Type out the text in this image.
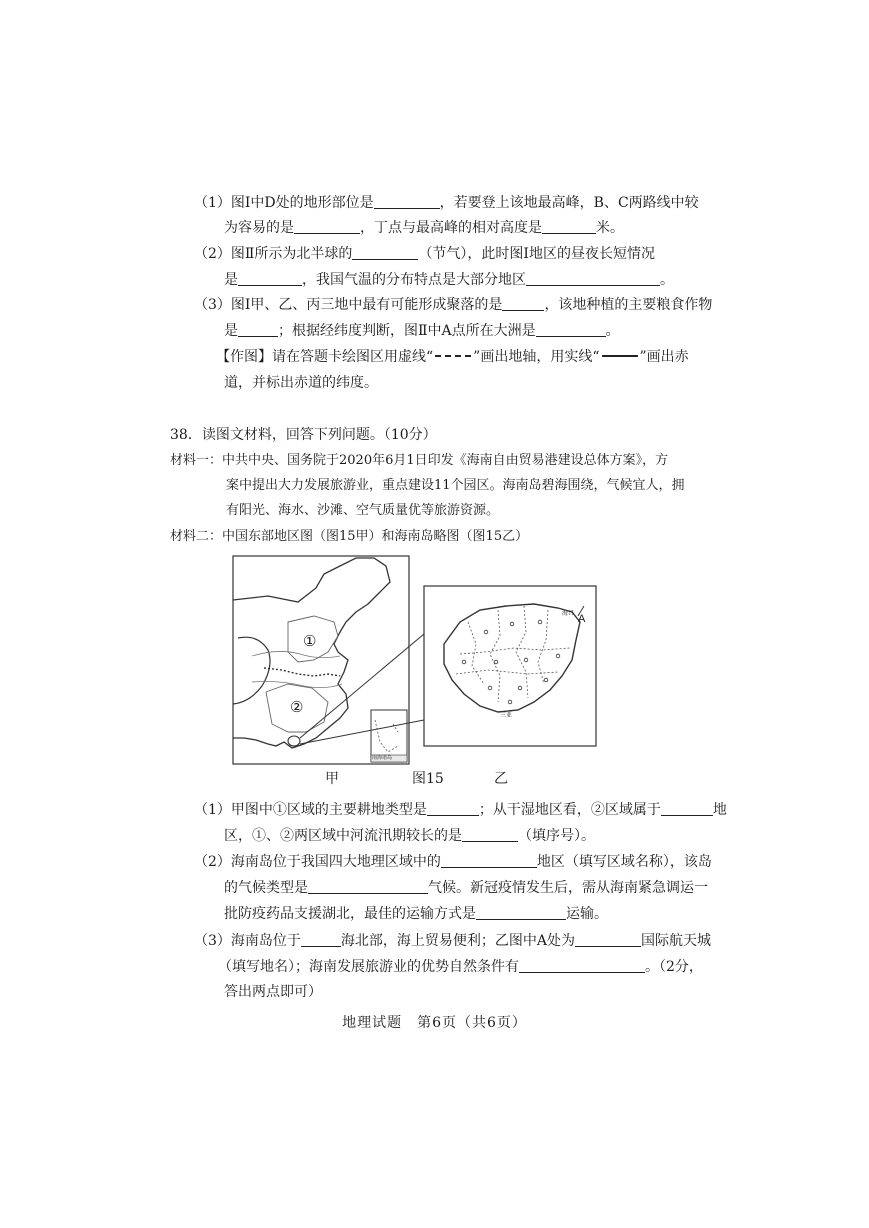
（1）图Ⅰ中D处的地形部位是	，若要登上该地最高峰，B、C两路线中较
为容易的是	，丁点与最高峰的相对高度是	米。
（2）图Ⅱ所示为北半球的	（节气），此时图Ⅰ地区的昼夜长短情况
是	，我国气温的分布特点是大部分地区	。
（3）图Ⅰ甲、乙、丙三地中最有可能形成聚落的是	，该地种植的主要粮食作物
是	；根据经纬度判断，图Ⅱ中A点所在大洲是	。
【作图】请在答题卡绘图区用虚线“	”画出地轴，用实线“	”画出赤
道，并标出赤道的纬度。
38．读图文材料，回答下列问题。（10分）
材料一：中共中央、国务院于2020年6月1日印发《海南自由贸易港建设总体方案》，方
案中提出大力发展旅游业，重点建设11个园区。海南岛碧海围绕，气候宜人，拥
有阳光、海水、沙滩、空气质量优等旅游资源。
材料二：中国东部地区图（图15甲）和海南岛略图（图15乙）
①
②
南海诸岛
A
海口
三亚
甲	图15	乙
（1）甲图中①区域的主要耕地类型是	；从干湿地区看，②区域属于	地
区，①、②两区域中河流汛期较长的是	（填序号）。
（2）海南岛位于我国四大地理区域中的	地区（填写区域名称），该岛
的气候类型是	气候。新冠疫情发生后，需从海南紧急调运一
批防疫药品支援湖北，最佳的运输方式是	运输。
（3）海南岛位于	海北部，海上贸易便利；乙图中A处为	国际航天城
（填写地名）；海南发展旅游业的优势自然条件有	。（2分，
答出两点即可）
地理试题　第6页（共6页）
